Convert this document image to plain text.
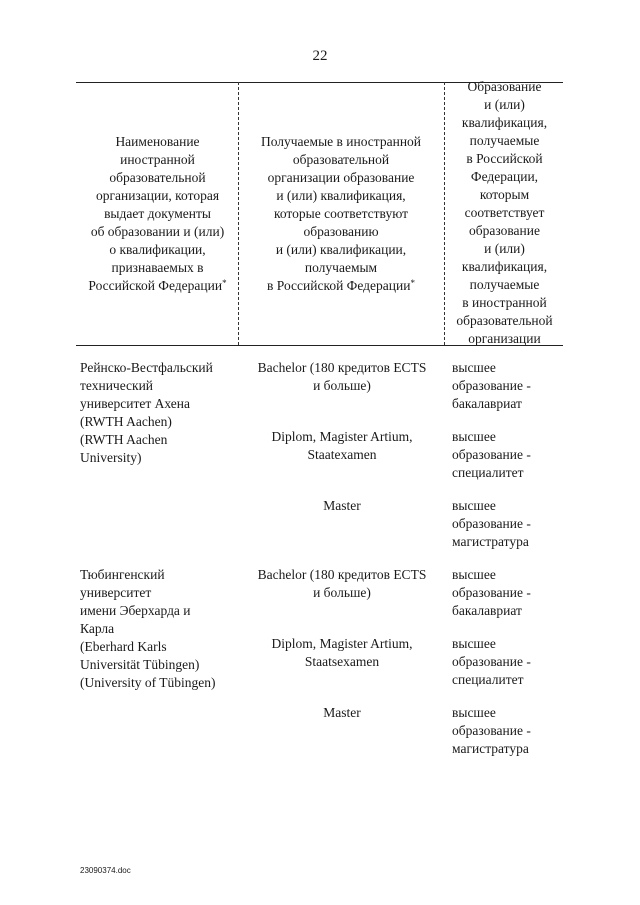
22
Наименование
иностранной
образовательной
организации, которая
выдает документы
об образовании и (или)
о квалификации,
признаваемых в
Российской Федерации*
Получаемые в иностранной
образовательной
организации образование
и (или) квалификация,
которые соответствуют
образованию
и (или) квалификации,
получаемым
в Российской Федерации*
Образование
и (или)
квалификация,
получаемые
в Российской
Федерации,
которым
соответствует
образование
и (или)
квалификация,
получаемые
в иностранной
образовательной
организации
Рейнско-Вестфальский
технический
университет Ахена
(RWTH Aachen)
(RWTH Aachen
University)
Bachelor (180 кредитов ECTS
и больше)
высшее
образование -
бакалавриат
Diplom, Magister Artium,
Staatexamen
высшее
образование -
специалитет
Master	высшее
образование -
магистратура
Тюбингенский
университет
имени Эберхарда и
Карла
(Eberhard Karls
Universität Tübingen)
(University of Tübingen)
Bachelor (180 кредитов ECTS
и больше)
высшее
образование -
бакалавриат
Diplom, Magister Artium,
Staatsexamen
высшее
образование -
специалитет
Master	высшее
образование -
магистратура
23090374.doc
